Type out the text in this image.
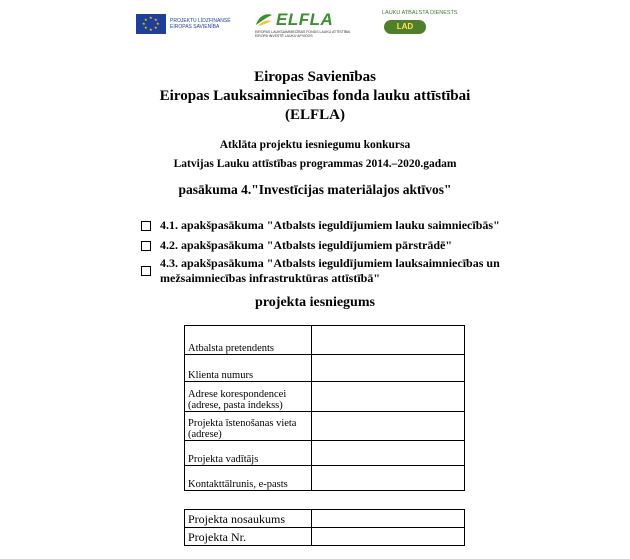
★ ★
★
★
★
★
★
★	PROJEKTU LĪDZFINANSĒ EIROPAS SAVIENĪBA	ELFLA
EIROPAS LAUKSAIMNIECĪBAS FONDS LAUKU ATTĪSTĪBAI
EIROPA INVESTĒ LAUKU APVIDOS
LAUKU ATBALSTA DIENESTS
LAD
Eiropas Savienības
Eiropas Lauksaimniecības fonda lauku attīstībai
(ELFLA)
Atklāta projektu iesniegumu konkursa
Latvijas Lauku attīstības programmas 2014.–2020.gadam
pasākuma 4."Investīcijas materiālajos aktīvos"
4.1. apakšpasākuma "Atbalsts ieguldījumiem lauku saimniecībās"
4.2. apakšpasākuma "Atbalsts ieguldījumiem pārstrādē"
4.3. apakšpasākuma "Atbalsts ieguldījumiem lauksaimniecības un mežsaimniecības infrastruktūras attīstībā"
projekta iesniegums
Atbalsta pretendents	
Klienta numurs	
Adrese korespondencei (adrese, pasta indekss)	
Projekta īstenošanas vieta (adrese)	
Projekta vadītājs	
Kontakttālrunis, e-pasts	
Projekta nosaukums	
Projekta Nr.	
